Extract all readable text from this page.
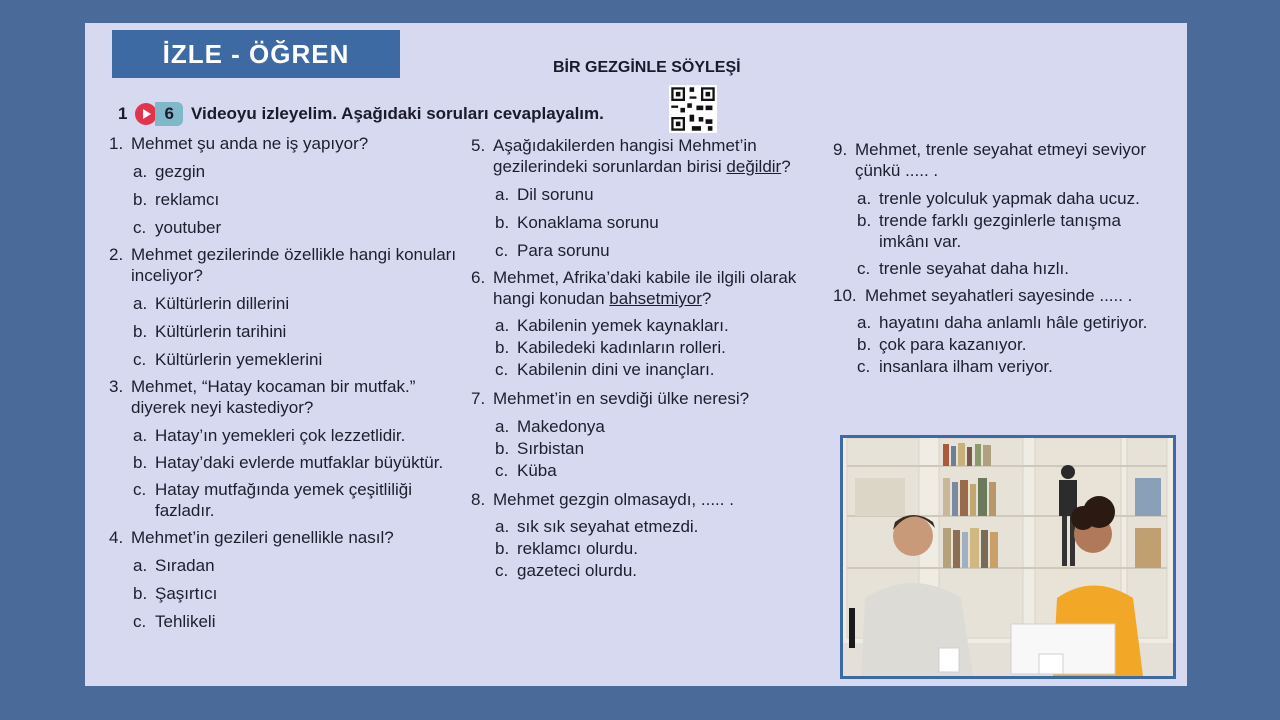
İZLE - ÖĞREN	BİR GEZGİNLE SÖYLEŞİ
1	6	Videoyu izleyelim. Aşağıdaki soruları cevaplayalım.
1. Mehmet şu anda ne iş yapıyor?
a. gezgin
b. reklamcı
c. youtuber
2. Mehmet gezilerinde özellikle hangi konuları inceliyor?
a. Kültürlerin dillerini
b. Kültürlerin tarihini
c. Kültürlerin yemeklerini
3. Mehmet, “Hatay kocaman bir mutfak.” diyerek neyi kastediyor?
a. Hatay’ın yemekleri çok lezzetlidir.
b. Hatay’daki evlerde mutfaklar büyüktür.
c. Hatay mutfağında yemek çeşitliliği fazladır.
4. Mehmet’in gezileri genellikle nasıl?
a. Sıradan
b. Şaşırtıcı
c. Tehlikeli
5. Aşağıdakilerden hangisi Mehmet’in gezilerindeki sorunlardan birisi değildir?
a. Dil sorunu
b. Konaklama sorunu
c. Para sorunu
6. Mehmet, Afrika’daki kabile ile ilgili olarak hangi konudan bahsetmiyor?
a. Kabilenin yemek kaynakları.
b. Kabiledeki kadınların rolleri.
c. Kabilenin dini ve inançları.
7. Mehmet’in en sevdiği ülke neresi?
a. Makedonya
b. Sırbistan
c. Küba
8. Mehmet gezgin olmasaydı, ..... .
a. sık sık seyahat etmezdi.
b. reklamcı olurdu.
c. gazeteci olurdu.
9. Mehmet, trenle seyahat etmeyi seviyor çünkü ..... .
a. trenle yolculuk yapmak daha ucuz.
b. trende farklı gezginlerle tanışma imkânı var.
c. trenle seyahat daha hızlı.
10. Mehmet seyahatleri sayesinde ..... .
a. hayatını daha anlamlı hâle getiriyor.
b. çok para kazanıyor.
c. insanlara ilham veriyor.
